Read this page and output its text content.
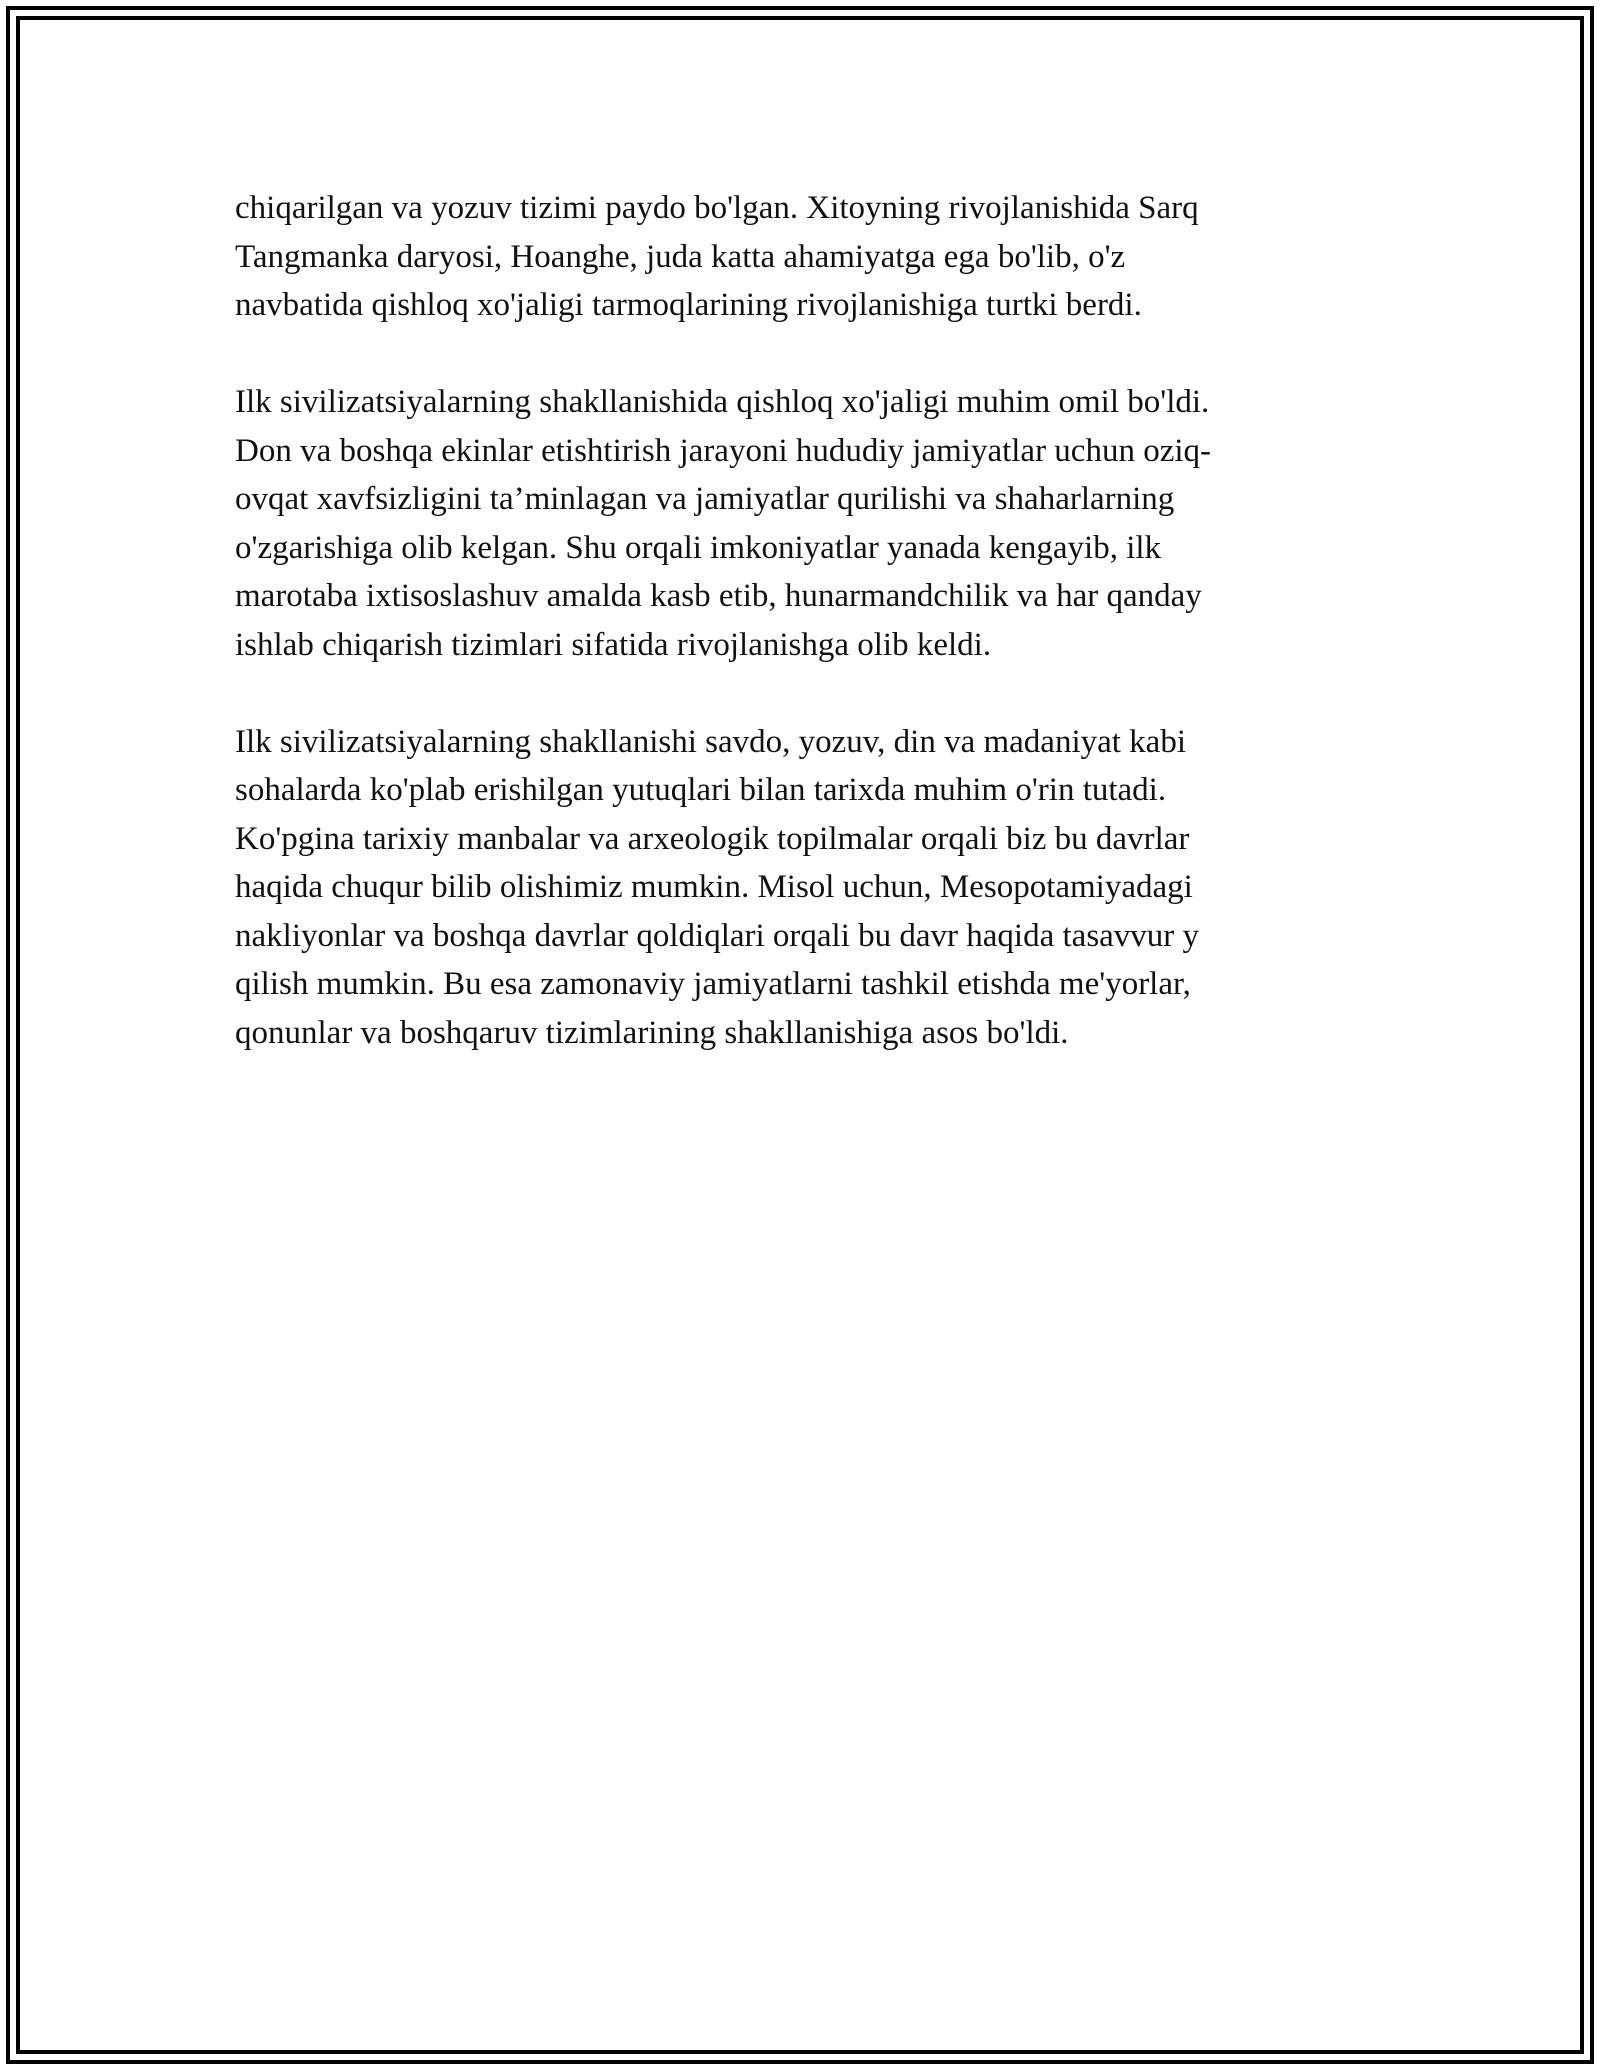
chiqarilgan va yozuv tizimi paydo bo'lgan. Xitoyning rivojlanishida Sarq

Tangmanka daryosi, Hoanghe, juda katta ahamiyatga ega bo'lib, o'z

navbatida qishloq xo'jaligi tarmoqlarining rivojlanishiga turtki berdi.

Ilk sivilizatsiyalarning shakllanishida qishloq xo'jaligi muhim omil bo'ldi.

Don va boshqa ekinlar etishtirish jarayoni hududiy jamiyatlar uchun oziq-

ovqat xavfsizligini ta’minlagan va jamiyatlar qurilishi va shaharlarning

o'zgarishiga olib kelgan. Shu orqali imkoniyatlar yanada kengayib, ilk

marotaba ixtisoslashuv amalda kasb etib, hunarmandchilik va har qanday

ishlab chiqarish tizimlari sifatida rivojlanishga olib keldi.

Ilk sivilizatsiyalarning shakllanishi savdo, yozuv, din va madaniyat kabi

sohalarda ko'plab erishilgan yutuqlari bilan tarixda muhim o'rin tutadi.

Ko'pgina tarixiy manbalar va arxeologik topilmalar orqali biz bu davrlar

haqida chuqur bilib olishimiz mumkin. Misol uchun, Mesopotamiyadagi

nakliyonlar va boshqa davrlar qoldiqlari orqali bu davr haqida tasavvur y

qilish mumkin. Bu esa zamonaviy jamiyatlarni tashkil etishda me'yorlar,

qonunlar va boshqaruv tizimlarining shakllanishiga asos bo'ldi.
